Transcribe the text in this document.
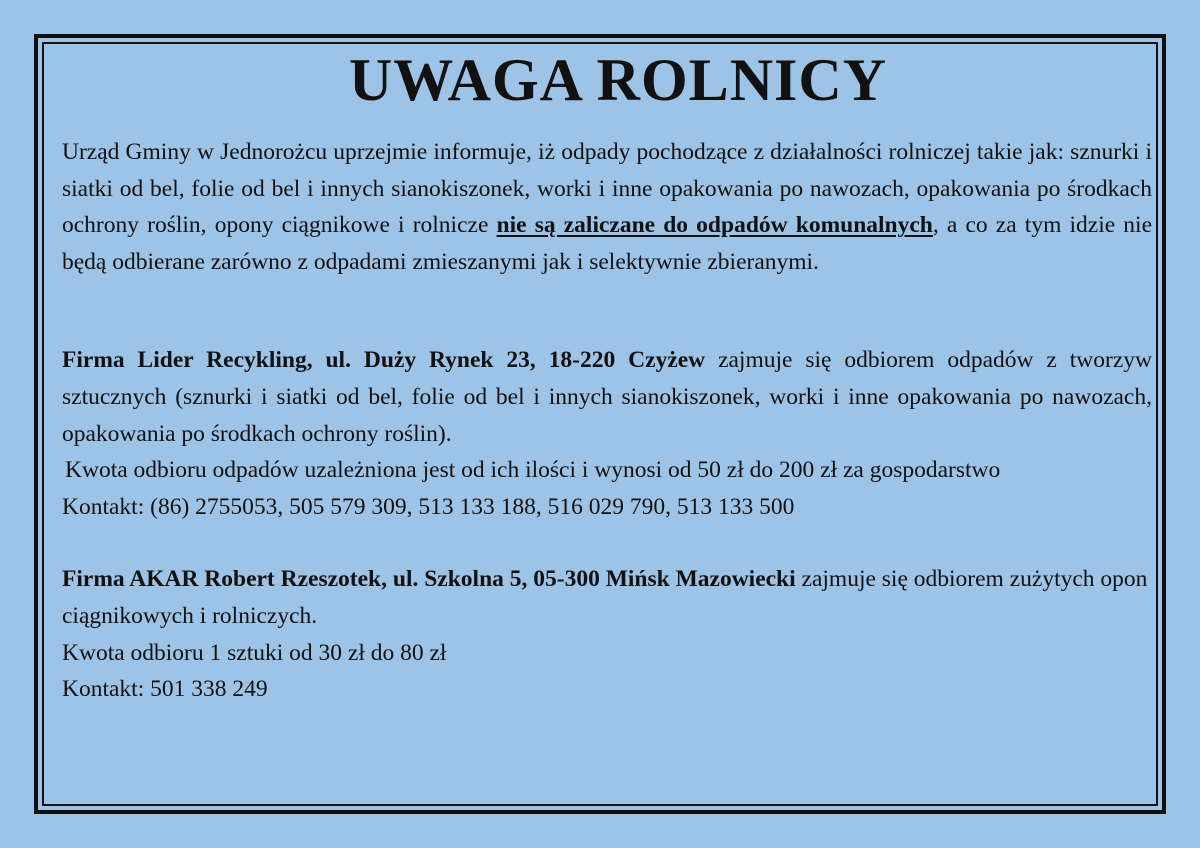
UWAGA ROLNICY

Urząd Gminy w Jednorożcu uprzejmie informuje, iż odpady pochodzące z działalności rolniczej takie jak: sznurki i siatki od bel, folie od bel i innych sianokiszonek, worki i inne opakowania po nawozach, opakowania po środkach ochrony roślin, opony ciągnikowe i rolnicze nie są zaliczane do odpadów komunalnych, a co za tym idzie nie będą odbierane zarówno z odpadami zmieszanymi jak i selektywnie zbieranymi.

Firma Lider Recykling, ul. Duży Rynek 23, 18-220 Czyżew zajmuje się odbiorem odpadów z tworzyw sztucznych (sznurki i siatki od bel, folie od bel i innych sianokiszonek, worki i inne opakowania po nawozach, opakowania po środkach ochrony roślin).

Kwota odbioru odpadów uzależniona jest od ich ilości i wynosi od 50 zł do 200 zł za gospodarstwo
Kontakt: (86) 2755053, 505 579 309, 513 133 188, 516 029 790, 513 133 500

Firma AKAR Robert Rzeszotek, ul. Szkolna 5, 05-300 Mińsk Mazowiecki zajmuje się odbiorem zużytych opon ciągnikowych i rolniczych.

Kwota odbioru 1 sztuki od 30 zł do 80 zł
Kontakt: 501 338 249
